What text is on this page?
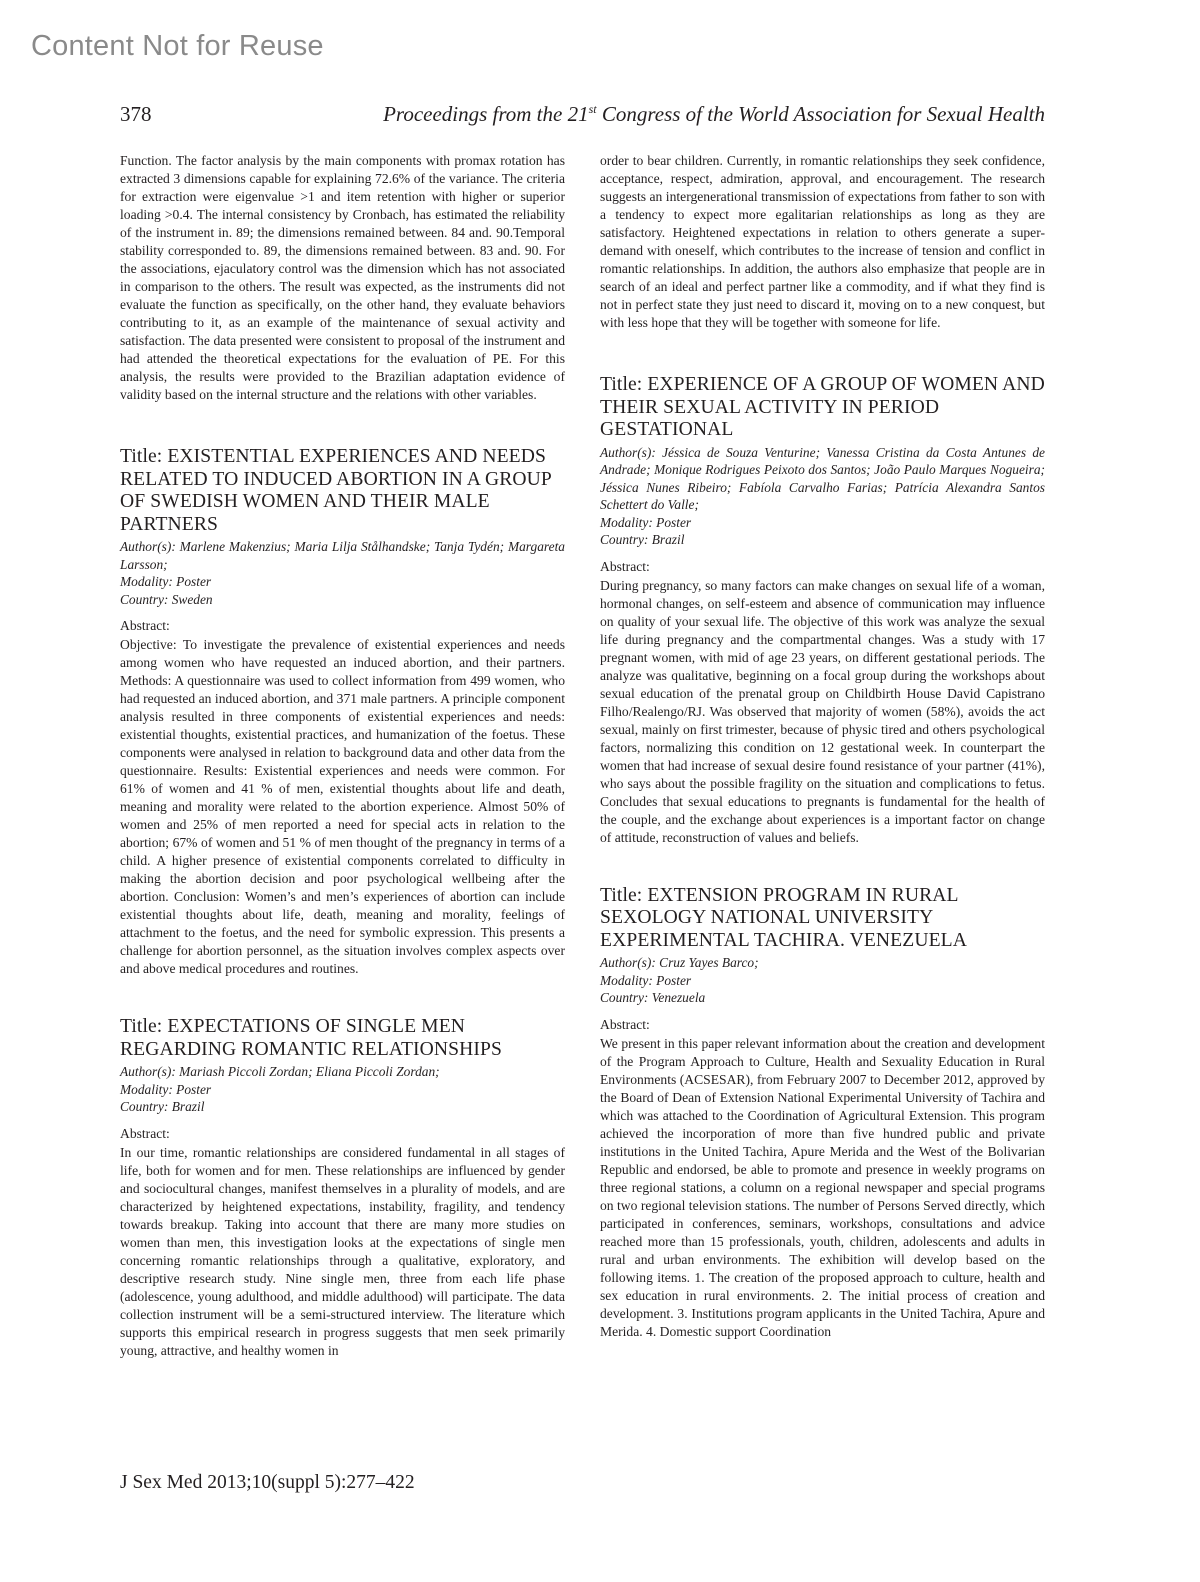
Content Not for Reuse
378	Proceedings from the 21st Congress of the World Association for Sexual Health

Function. The factor analysis by the main components with promax rotation has extracted 3 dimensions capable for explaining 72.6% of the variance. The criteria for extraction were eigenvalue >1 and item retention with higher or superior loading >0.4. The internal consistency by Cronbach, has estimated the reliability of the instrument in. 89; the dimensions remained between. 84 and. 90.Temporal stability corresponded to. 89, the dimensions remained between. 83 and. 90. For the associations, ejaculatory control was the dimension which has not associated in comparison to the others. The result was expected, as the instruments did not evaluate the function as specifically, on the other hand, they evaluate behaviors contributing to it, as an example of the maintenance of sexual activity and satisfaction. The data presented were consistent to proposal of the instrument and had attended the theoretical expectations for the evaluation of PE. For this analysis, the results were provided to the Brazilian adaptation evidence of validity based on the internal structure and the relations with other variables.

Title: EXISTENTIAL EXPERIENCES AND NEEDS RELATED TO INDUCED ABORTION IN A GROUP OF SWEDISH WOMEN AND THEIR MALE PARTNERS

Author(s): Marlene Makenzius; Maria Lilja Stålhandske; Tanja Tydén; Margareta Larsson;

Modality: Poster

Country: Sweden

Abstract:

Objective: To investigate the prevalence of existential experiences and needs among women who have requested an induced abortion, and their partners. Methods: A questionnaire was used to collect information from 499 women, who had requested an induced abortion, and 371 male partners. A principle component analysis resulted in three components of existential experiences and needs: existential thoughts, existential practices, and humanization of the foetus. These components were analysed in relation to background data and other data from the questionnaire. Results: Existential experiences and needs were common. For 61% of women and 41 % of men, existential thoughts about life and death, meaning and morality were related to the abortion experience. Almost 50% of women and 25% of men reported a need for special acts in relation to the abortion; 67% of women and 51 % of men thought of the pregnancy in terms of a child. A higher presence of existential components correlated to difficulty in making the abortion decision and poor psychological wellbeing after the abortion. Conclusion: Women’s and men’s experiences of abortion can include existential thoughts about life, death, meaning and morality, feelings of attachment to the foetus, and the need for symbolic expression. This presents a challenge for abortion personnel, as the situation involves complex aspects over and above medical procedures and routines.

Title: EXPECTATIONS OF SINGLE MEN REGARDING ROMANTIC RELATIONSHIPS

Author(s): Mariash Piccoli Zordan; Eliana Piccoli Zordan;

Modality: Poster

Country: Brazil

Abstract:

In our time, romantic relationships are considered fundamental in all stages of life, both for women and for men. These relationships are influenced by gender and sociocultural changes, manifest themselves in a plurality of models, and are characterized by heightened expectations, instability, fragility, and tendency towards breakup. Taking into account that there are many more studies on women than men, this investigation looks at the expectations of single men concerning romantic relationships through a qualitative, exploratory, and descriptive research study. Nine single men, three from each life phase (adolescence, young adulthood, and middle adulthood) will participate. The data collection instrument will be a semi-structured interview. The literature which supports this empirical research in progress suggests that men seek primarily young, attractive, and healthy women in

order to bear children. Currently, in romantic relationships they seek confidence, acceptance, respect, admiration, approval, and encouragement. The research suggests an intergenerational transmission of expectations from father to son with a tendency to expect more egalitarian relationships as long as they are satisfactory. Heightened expectations in relation to others generate a super-demand with oneself, which contributes to the increase of tension and conflict in romantic relationships. In addition, the authors also emphasize that people are in search of an ideal and perfect partner like a commodity, and if what they find is not in perfect state they just need to discard it, moving on to a new conquest, but with less hope that they will be together with someone for life.

Title: EXPERIENCE OF A GROUP OF WOMEN AND THEIR SEXUAL ACTIVITY IN PERIOD GESTATIONAL

Author(s): Jéssica de Souza Venturine; Vanessa Cristina da Costa Antunes de Andrade; Monique Rodrigues Peixoto dos Santos; João Paulo Marques Nogueira; Jéssica Nunes Ribeiro; Fabíola Carvalho Farias; Patrícia Alexandra Santos Schettert do Valle;

Modality: Poster

Country: Brazil

Abstract:

During pregnancy, so many factors can make changes on sexual life of a woman, hormonal changes, on self-esteem and absence of communication may influence on quality of your sexual life. The objective of this work was analyze the sexual life during pregnancy and the compartmental changes. Was a study with 17 pregnant women, with mid of age 23 years, on different gestational periods. The analyze was qualitative, beginning on a focal group during the workshops about sexual education of the prenatal group on Childbirth House David Capistrano Filho/Realengo/RJ. Was observed that majority of women (58%), avoids the act sexual, mainly on first trimester, because of physic tired and others psychological factors, normalizing this condition on 12 gestational week. In counterpart the women that had increase of sexual desire found resistance of your partner (41%), who says about the possible fragility on the situation and complications to fetus. Concludes that sexual educations to pregnants is fundamental for the health of the couple, and the exchange about experiences is a important factor on change of attitude, reconstruction of values and beliefs.

Title: EXTENSION PROGRAM IN RURAL SEXOLOGY NATIONAL UNIVERSITY EXPERIMENTAL TACHIRA. VENEZUELA

Author(s): Cruz Yayes Barco;

Modality: Poster

Country: Venezuela

Abstract:

We present in this paper relevant information about the creation and development of the Program Approach to Culture, Health and Sexuality Education in Rural Environments (ACSESAR), from February 2007 to December 2012, approved by the Board of Dean of Extension National Experimental University of Tachira and which was attached to the Coordination of Agricultural Extension. This program achieved the incorporation of more than five hundred public and private institutions in the United Tachira, Apure Merida and the West of the Bolivarian Republic and endorsed, be able to promote and presence in weekly programs on three regional stations, a column on a regional newspaper and special programs on two regional television stations. The number of Persons Served directly, which participated in conferences, seminars, workshops, consultations and advice reached more than 15 professionals, youth, children, adolescents and adults in rural and urban environments. The exhibition will develop based on the following items. 1. The creation of the proposed approach to culture, health and sex education in rural environments. 2. The initial process of creation and development. 3. Institutions program applicants in the United Tachira, Apure and Merida. 4. Domestic support Coordination

J Sex Med 2013;10(suppl 5):277–422
